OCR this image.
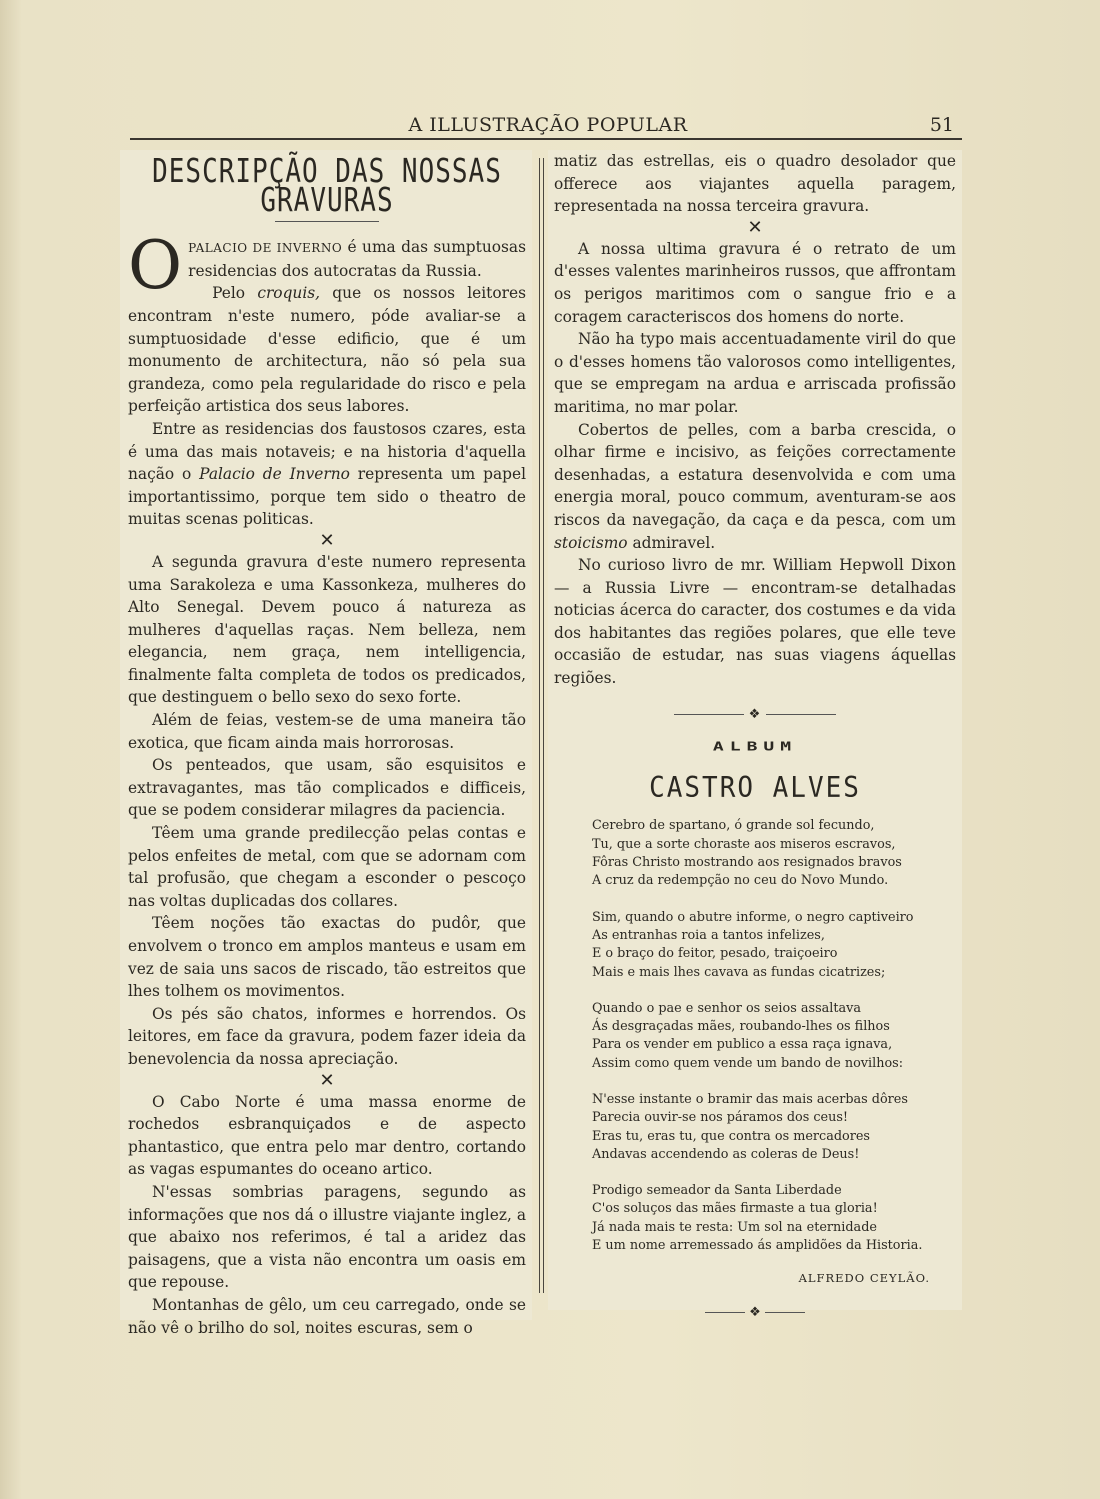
A ILLUSTRAÇÃO POPULAR	51
DESCRIPÇÃO DAS NOSSAS GRAVURAS

OPALACIO DE INVERNO é uma das sumptuosas residencias dos autocratas da Russia.

Pelo croquis, que os nossos leitores encontram n'este numero, póde avaliar-se a sumptuosidade d'esse edificio, que é um monumento de architectura, não só pela sua grandeza, como pela regularidade do risco e pela perfeição artistica dos seus labores.

Entre as residencias dos faustosos czares, esta é uma das mais notaveis; e na historia d'aquella nação o Palacio de Inverno representa um papel importantissimo, porque tem sido o theatro de muitas scenas politicas.

✕

A segunda gravura d'este numero representa uma Sarakoleza e uma Kassonkeza, mulheres do Alto Senegal. Devem pouco á natureza as mulheres d'aquellas raças. Nem belleza, nem elegancia, nem graça, nem intelligencia, finalmente falta completa de todos os predicados, que destinguem o bello sexo do sexo forte.

Além de feias, vestem-se de uma maneira tão exotica, que ficam ainda mais horrorosas.

Os penteados, que usam, são esquisitos e extravagantes, mas tão complicados e difficeis, que se podem considerar milagres da paciencia.

Têem uma grande predilecção pelas contas e pelos enfeites de metal, com que se adornam com tal profusão, que chegam a esconder o pescoço nas voltas duplicadas dos collares.

Têem noções tão exactas do pudôr, que envolvem o tronco em amplos manteus e usam em vez de saia uns sacos de riscado, tão estreitos que lhes tolhem os movimentos.

Os pés são chatos, informes e horrendos. Os leitores, em face da gravura, podem fazer ideia da benevolencia da nossa apreciação.

✕

O Cabo Norte é uma massa enorme de rochedos esbranquiçados e de aspecto phantastico, que entra pelo mar dentro, cortando as vagas espumantes do oceano artico.

N'essas sombrias paragens, segundo as informações que nos dá o illustre viajante inglez, a que abaixo nos referimos, é tal a aridez das paisagens, que a vista não encontra um oasis em que repouse.

Montanhas de gêlo, um ceu carregado, onde se não vê o brilho do sol, noites escuras, sem o

matiz das estrellas, eis o quadro desolador que offerece aos viajantes aquella paragem, representada na nossa terceira gravura.

✕

A nossa ultima gravura é o retrato de um d'esses valentes marinheiros russos, que affrontam os perigos maritimos com o sangue frio e a coragem caracteriscos dos homens do norte.

Não ha typo mais accentuadamente viril do que o d'esses homens tão valorosos como intelligentes, que se empregam na ardua e arriscada profissão maritima, no mar polar.

Cobertos de pelles, com a barba crescida, o olhar firme e incisivo, as feições correctamente desenhadas, a estatura desenvolvida e com uma energia moral, pouco commum, aventuram-se aos riscos da navegação, da caça e da pesca, com um stoicismo admiravel.

No curioso livro de mr. William Hepwoll Dixon — a Russia Livre — encontram-se detalhadas noticias ácerca do caracter, dos costumes e da vida dos habitantes das regiões polares, que elle teve occasião de estudar, nas suas viagens áquellas regiões.

❖
ALBUM
CASTRO ALVES
Cerebro de spartano, ó grande sol fecundo,
Tu, que a sorte choraste aos miseros escravos,
Fôras Christo mostrando aos resignados bravos
A cruz da redempção no ceu do Novo Mundo.
Sim, quando o abutre informe, o negro captiveiro
As entranhas roia a tantos infelizes,
E o braço do feitor, pesado, traiçoeiro
Mais e mais lhes cavava as fundas cicatrizes;
Quando o pae e senhor os seios assaltava
Ás desgraçadas mães, roubando-lhes os filhos
Para os vender em publico a essa raça ignava,
Assim como quem vende um bando de novilhos:
N'esse instante o bramir das mais acerbas dôres
Parecia ouvir-se nos páramos dos ceus!
Eras tu, eras tu, que contra os mercadores
Andavas accendendo as coleras de Deus!
Prodigo semeador da Santa Liberdade
C'os soluços das mães firmaste a tua gloria!
Já nada mais te resta: Um sol na eternidade
E um nome arremessado ás amplidões da Historia.
ALFREDO CEYLÃO.
❖
